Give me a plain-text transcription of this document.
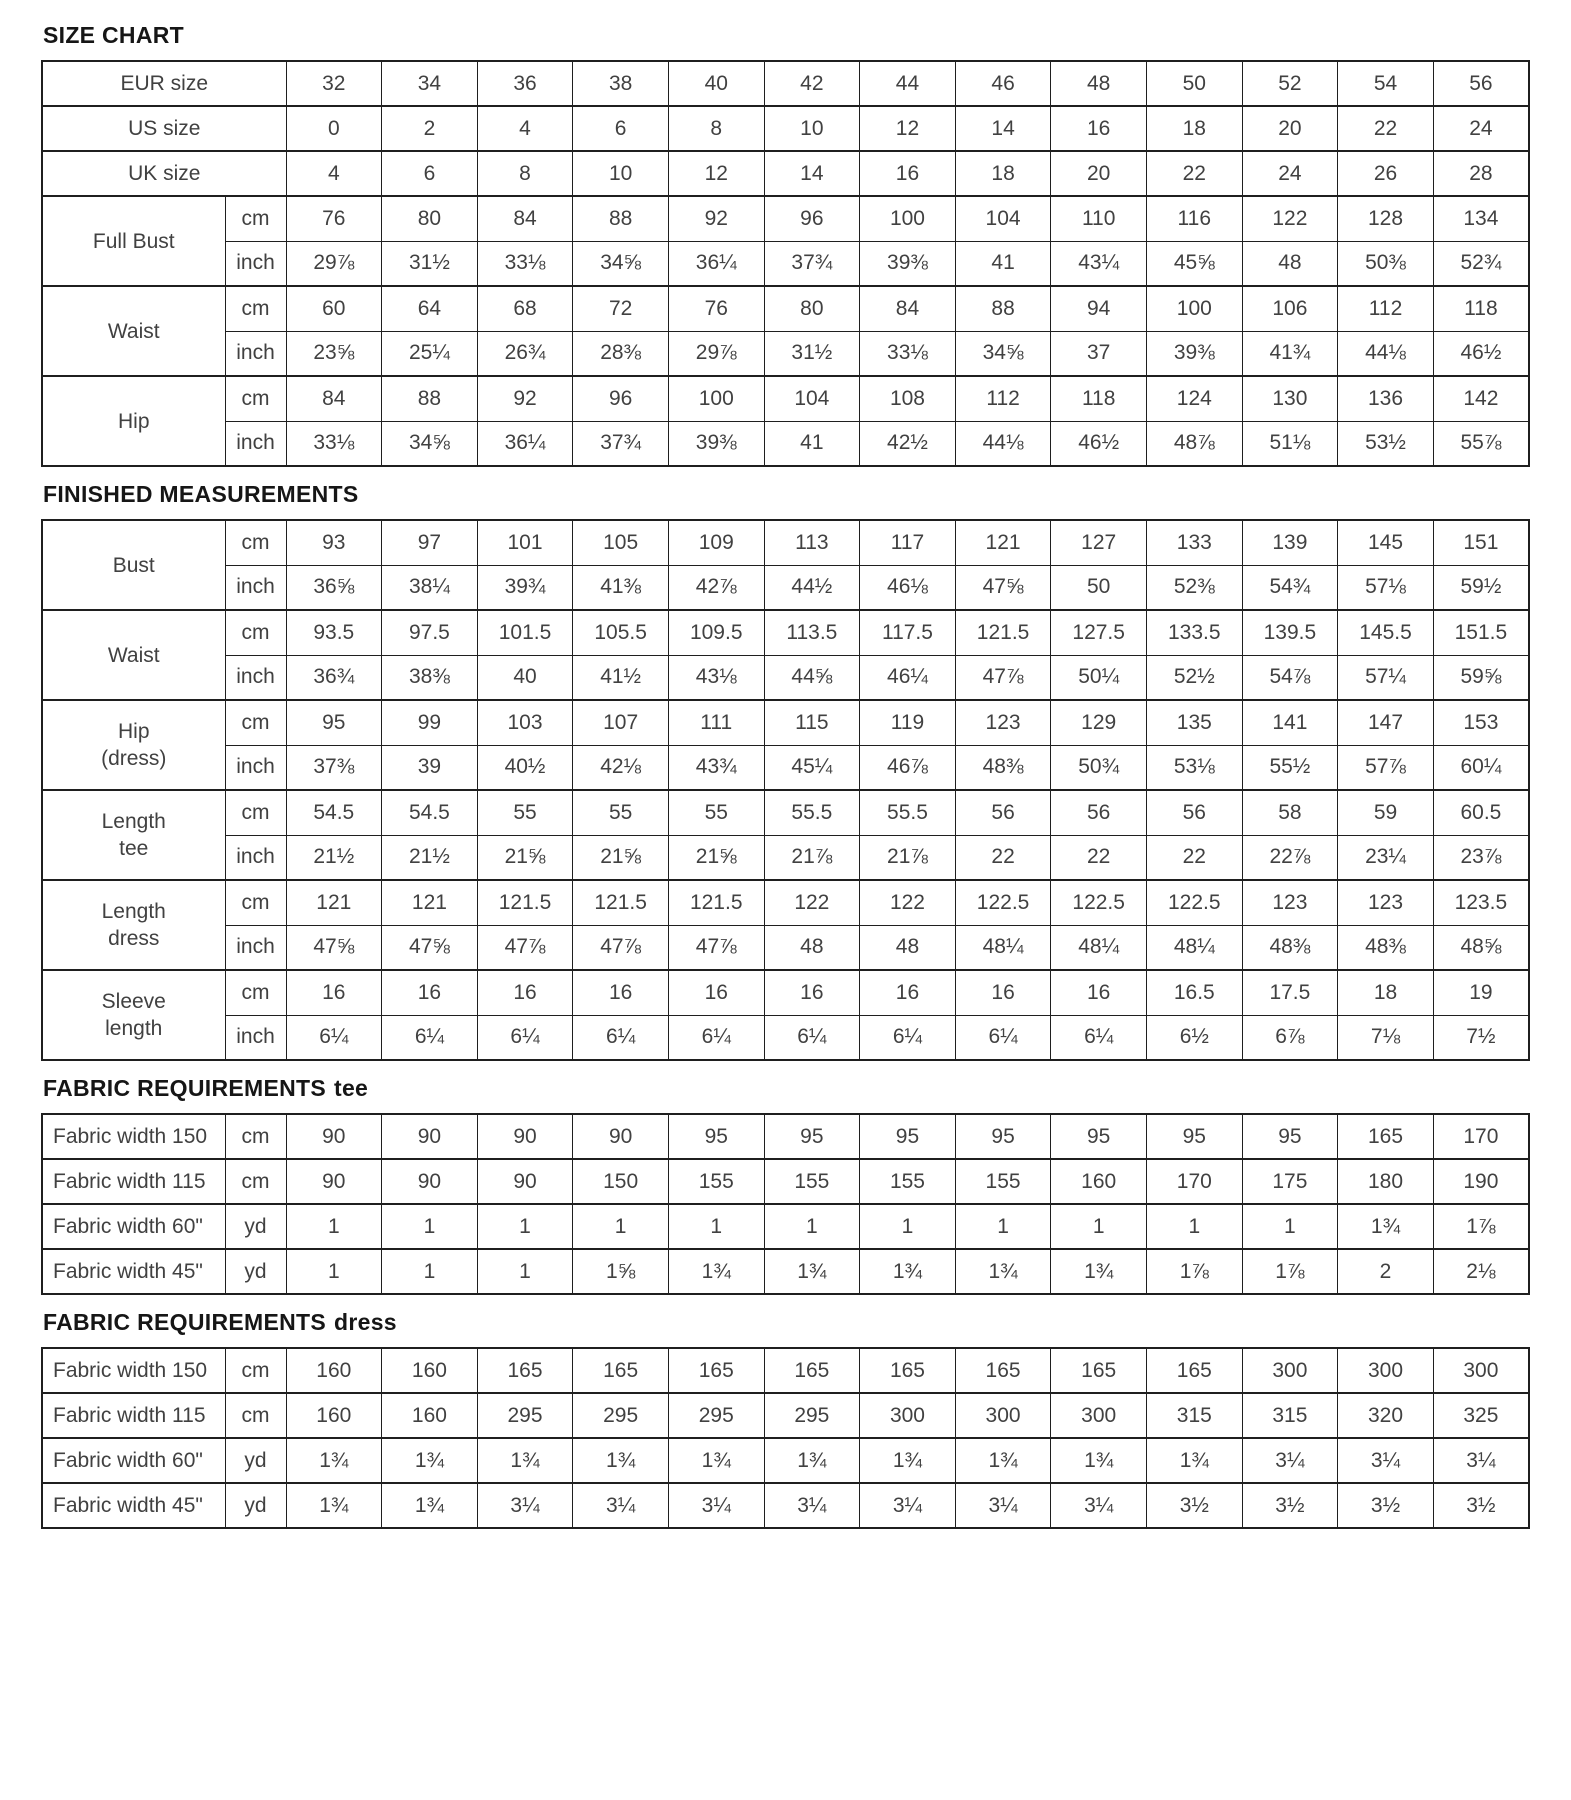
SIZE CHART
EUR size		32	34	36	38	40	42	44	46	48	50	52	54	56
US size		0	2	4	6	8	10	12	14	16	18	20	22	24
UK size		4	6	8	10	12	14	16	18	20	22	24	26	28

Full Bust	cm	76	80	84	88	92	96	100	104	110	116	122	128	134
	inch	29⅞	31½	33⅛	34⅝	36¼	37¾	39⅜	41	43¼	45⅝	48	50⅜	52¾

Waist	cm	60	64	68	72	76	80	84	88	94	100	106	112	118
	inch	23⅝	25¼	26¾	28⅜	29⅞	31½	33⅛	34⅝	37	39⅜	41¾	44⅛	46½

Hip	cm	84	88	92	96	100	104	108	112	118	124	130	136	142
	inch	33⅛	34⅝	36¼	37¾	39⅜	41	42½	44⅛	46½	48⅞	51⅛	53½	55⅞
FINISHED MEASUREMENTS
Bust	cm	93	97	101	105	109	113	117	121	127	133	139	145	151
	inch	36⅝	38¼	39¾	41⅜	42⅞	44½	46⅛	47⅝	50	52⅜	54¾	57⅛	59½

Waist	cm	93.5	97.5	101.5	105.5	109.5	113.5	117.5	121.5	127.5	133.5	139.5	145.5	151.5
	inch	36¾	38⅜	40	41½	43⅛	44⅝	46¼	47⅞	50¼	52½	54⅞	57¼	59⅝

Hip
(dress)	cm	95	99	103	107	111	115	119	123	129	135	141	147	153
	inch	37⅜	39	40½	42⅛	43¾	45¼	46⅞	48⅜	50¾	53⅛	55½	57⅞	60¼

Length
tee	cm	54.5	54.5	55	55	55	55.5	55.5	56	56	56	58	59	60.5
	inch	21½	21½	21⅝	21⅝	21⅝	21⅞	21⅞	22	22	22	22⅞	23¼	23⅞

Length
dress	cm	121	121	121.5	121.5	121.5	122	122	122.5	122.5	122.5	123	123	123.5
	inch	47⅝	47⅝	47⅞	47⅞	47⅞	48	48	48¼	48¼	48¼	48⅜	48⅜	48⅝

Sleeve
length	cm	16	16	16	16	16	16	16	16	16	16.5	17.5	18	19
	inch	6¼	6¼	6¼	6¼	6¼	6¼	6¼	6¼	6¼	6½	6⅞	7⅛	7½
FABRIC REQUIREMENTS tee
Fabric width 150	cm	90	90	90	90	95	95	95	95	95	95	95	165	170
Fabric width 115	cm	90	90	90	150	155	155	155	155	160	170	175	180	190
Fabric width 60"	yd	1	1	1	1	1	1	1	1	1	1	1	1¾	1⅞
Fabric width 45"	yd	1	1	1	1⅝	1¾	1¾	1¾	1¾	1¾	1⅞	1⅞	2	2⅛
FABRIC REQUIREMENTS dress
Fabric width 150	cm	160	160	165	165	165	165	165	165	165	165	300	300	300
Fabric width 115	cm	160	160	295	295	295	295	300	300	300	315	315	320	325
Fabric width 60"	yd	1¾	1¾	1¾	1¾	1¾	1¾	1¾	1¾	1¾	1¾	3¼	3¼	3¼
Fabric width 45"	yd	1¾	1¾	3¼	3¼	3¼	3¼	3¼	3¼	3¼	3½	3½	3½	3½
